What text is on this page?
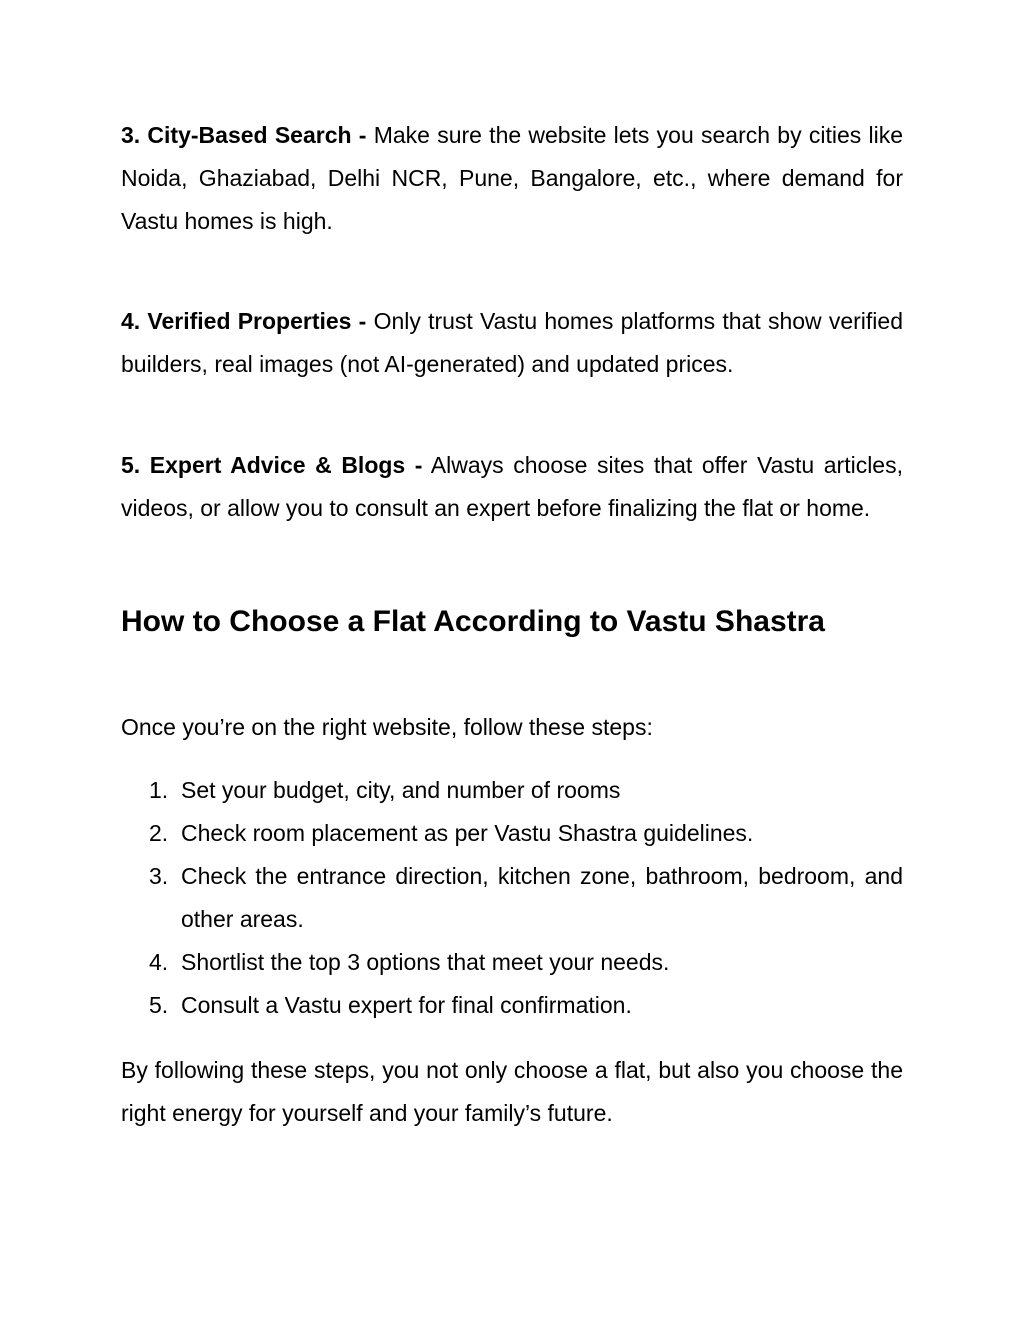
3. City-Based Search - Make sure the website lets you search by cities like Noida, Ghaziabad, Delhi NCR, Pune, Bangalore, etc., where demand for Vastu homes is high.

4. Verified Properties - Only trust Vastu homes platforms that show verified builders, real images (not AI-generated) and updated prices.

5. Expert Advice & Blogs - Always choose sites that offer Vastu articles, videos, or allow you to consult an expert before finalizing the flat or home.

How to Choose a Flat According to Vastu Shastra

Once you’re on the right website, follow these steps:

1. Set your budget, city, and number of rooms
2. Check room placement as per Vastu Shastra guidelines.
3. Check the entrance direction, kitchen zone, bathroom, bedroom, and other areas.
4. Shortlist the top 3 options that meet your needs.
5. Consult a Vastu expert for final confirmation.

By following these steps, you not only choose a flat, but also you choose the right energy for yourself and your family’s future.
